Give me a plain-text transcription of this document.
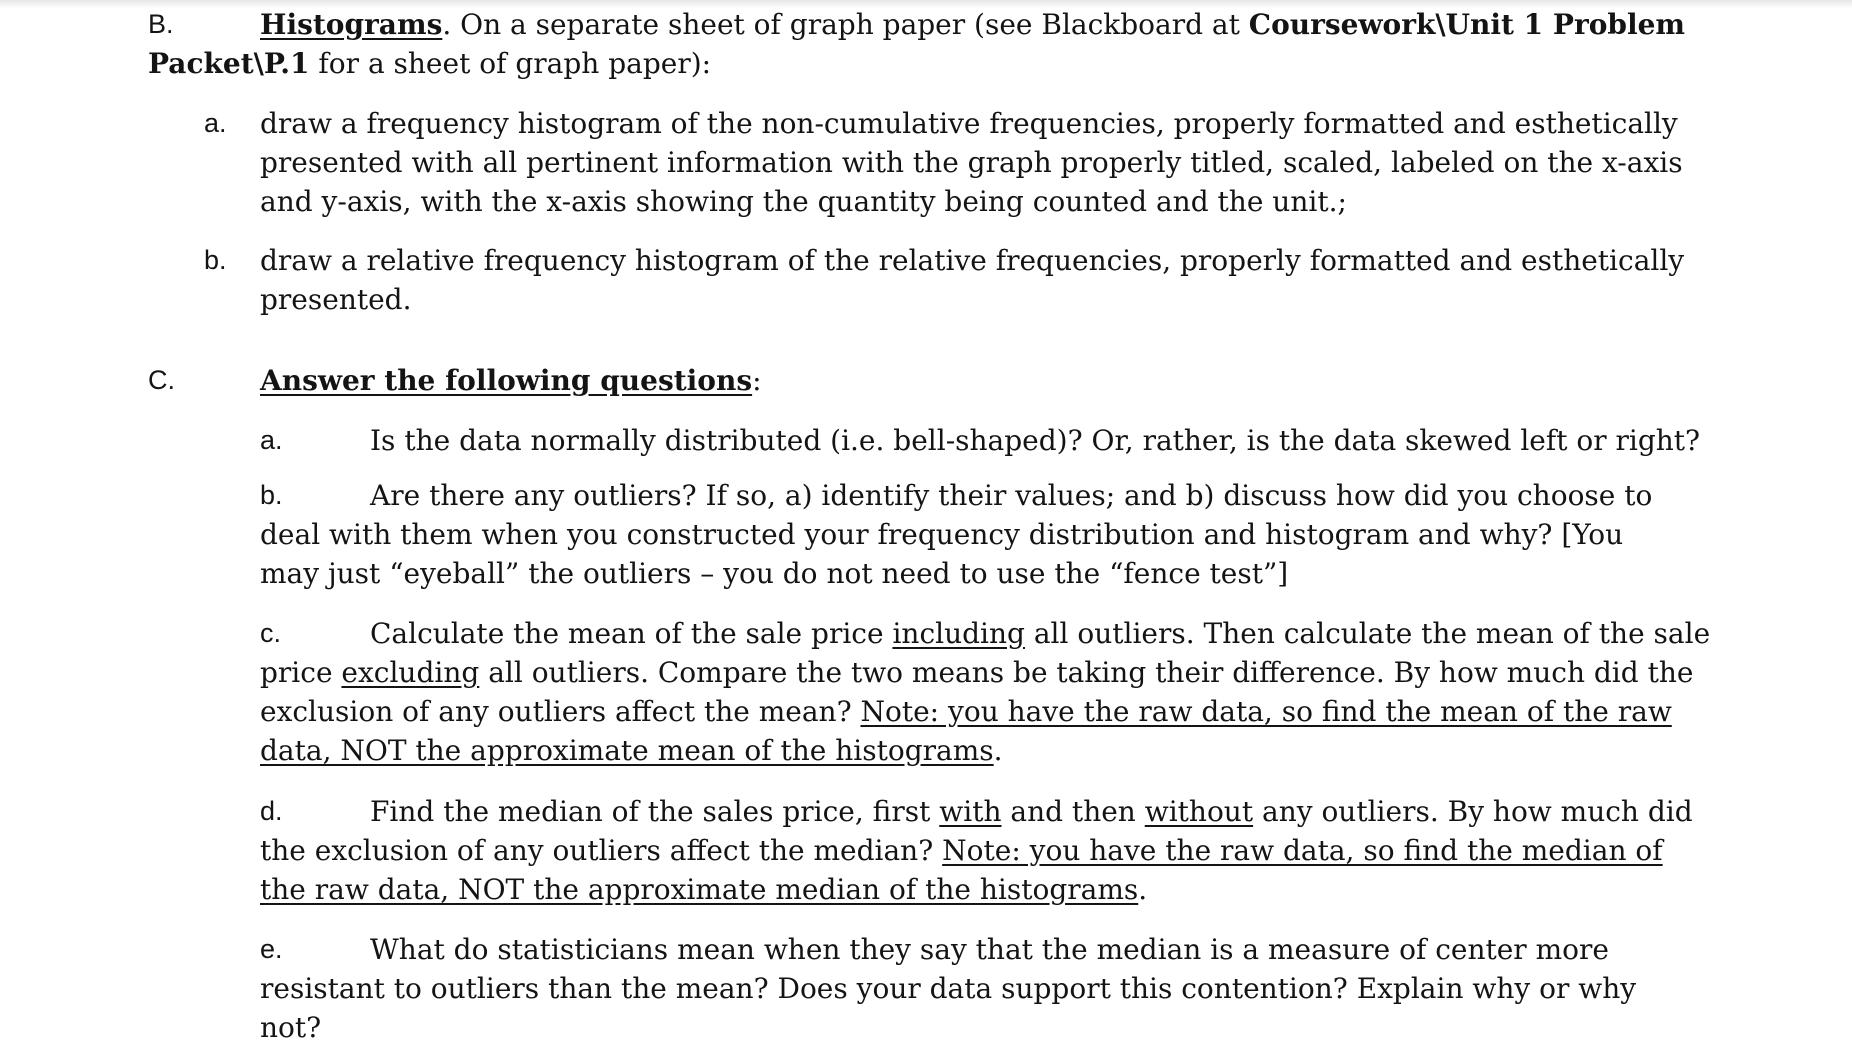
B.	Histograms. On a separate sheet of graph paper (see Blackboard at Coursework\Unit 1 Problem
Packet\P.1 for a sheet of graph paper):
a. draw a frequency histogram of the non-cumulative frequencies, properly formatted and esthetically
presented with all pertinent information with the graph properly titled, scaled, labeled on the x-axis
and y-axis, with the x-axis showing the quantity being counted and the unit.;
b. draw a relative frequency histogram of the relative frequencies, properly formatted and esthetically
presented.
C.	Answer the following questions:
a.	Is the data normally distributed (i.e. bell-shaped)? Or, rather, is the data skewed left or right?
b.	Are there any outliers? If so, a) identify their values; and b) discuss how did you choose to
deal with them when you constructed your frequency distribution and histogram and why? [You
may just “eyeball” the outliers – you do not need to use the “fence test”]
c.	Calculate the mean of the sale price including all outliers. Then calculate the mean of the sale
price excluding all outliers. Compare the two means be taking their difference. By how much did the
exclusion of any outliers affect the mean? Note: you have the raw data, so find the mean of the raw
data, NOT the approximate mean of the histograms.
d.	Find the median of the sales price, first with and then without any outliers. By how much did
the exclusion of any outliers affect the median? Note: you have the raw data, so find the median of
the raw data, NOT the approximate median of the histograms.
e.	What do statisticians mean when they say that the median is a measure of center more
resistant to outliers than the mean? Does your data support this contention? Explain why or why
not?
